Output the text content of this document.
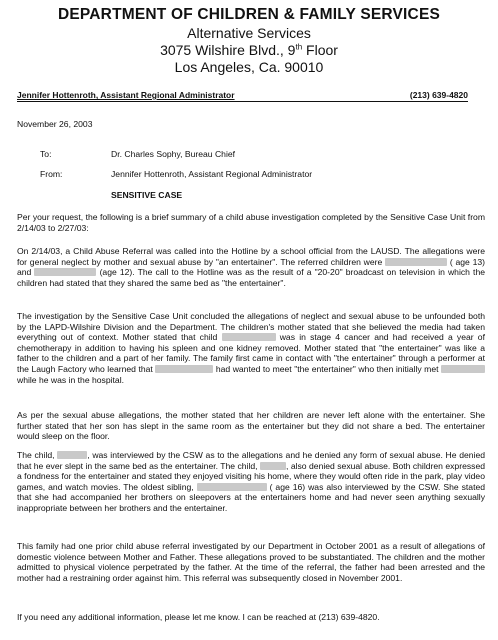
DEPARTMENT OF CHILDREN & FAMILY SERVICES
Alternative Services
3075 Wilshire Blvd., 9th Floor
Los Angeles, Ca. 90010
Jennifer Hottenroth, Assistant Regional Administrator	(213) 639-4820
November 26, 2003
To:	Dr. Charles Sophy, Bureau Chief
From:	Jennifer Hottenroth, Assistant Regional Administrator
SENSITIVE CASE
Per your request, the following is a brief summary of a child abuse investigation completed by the Sensitive Case Unit from 2/14/03 to 2/27/03:
On 2/14/03, a Child Abuse Referral was called into the Hotline by a school official from the LAUSD. The allegations were for general neglect by mother and sexual abuse by "an entertainer". The referred children were	( age 13) and	(age 12). The call to the Hotline was as the result of a "20-20" broadcast on television in which the children had stated that they shared the same bed as "the entertainer".
The investigation by the Sensitive Case Unit concluded the allegations of neglect and sexual abuse to be unfounded both by the LAPD-Wilshire Division and the Department. The children's mother stated that she believed the media had taken everything out of context. Mother stated that child	was in stage 4 cancer and had received a year of chemotherapy in addition to having his spleen and one kidney removed. Mother stated that "the entertainer" was like a father to the children and a part of her family. The family first came in contact with "the entertainer" through a performer at the Laugh Factory who learned that	had wanted to meet "the entertainer" who then initially met  while he was in the hospital.
As per the sexual abuse allegations, the mother stated that her children are never left alone with the entertainer. She further stated that her son has slept in the same room as the entertainer but they did not share a bed. The entertainer would sleep on the floor.
The child,	, was interviewed by the CSW as to the allegations and he denied any form of sexual abuse. He denied that he ever slept in the same bed as the entertainer. The child,	, also denied sexual abuse. Both children expressed a fondness for the entertainer and stated they enjoyed visiting his home, where they would often ride in the park, play video games, and watch movies. The oldest sibling,	( age 16) was also interviewed by the CSW. She stated that she had accompanied her brothers on sleepovers at the entertainers home and had never seen anything sexually inappropriate between her brothers and the entertainer.
This family had one prior child abuse referral investigated by our Department in October 2001 as a result of allegations of domestic violence between Mother and Father. These allegations proved to be substantiated. The children and the mother admitted to physical violence perpetrated by the father. At the time of the referral, the father had been arrested and the mother had a restraining order against him. This referral was subsequently closed in November 2001.
If you need any additional information, please let me know. I can be reached at (213) 639-4820.
